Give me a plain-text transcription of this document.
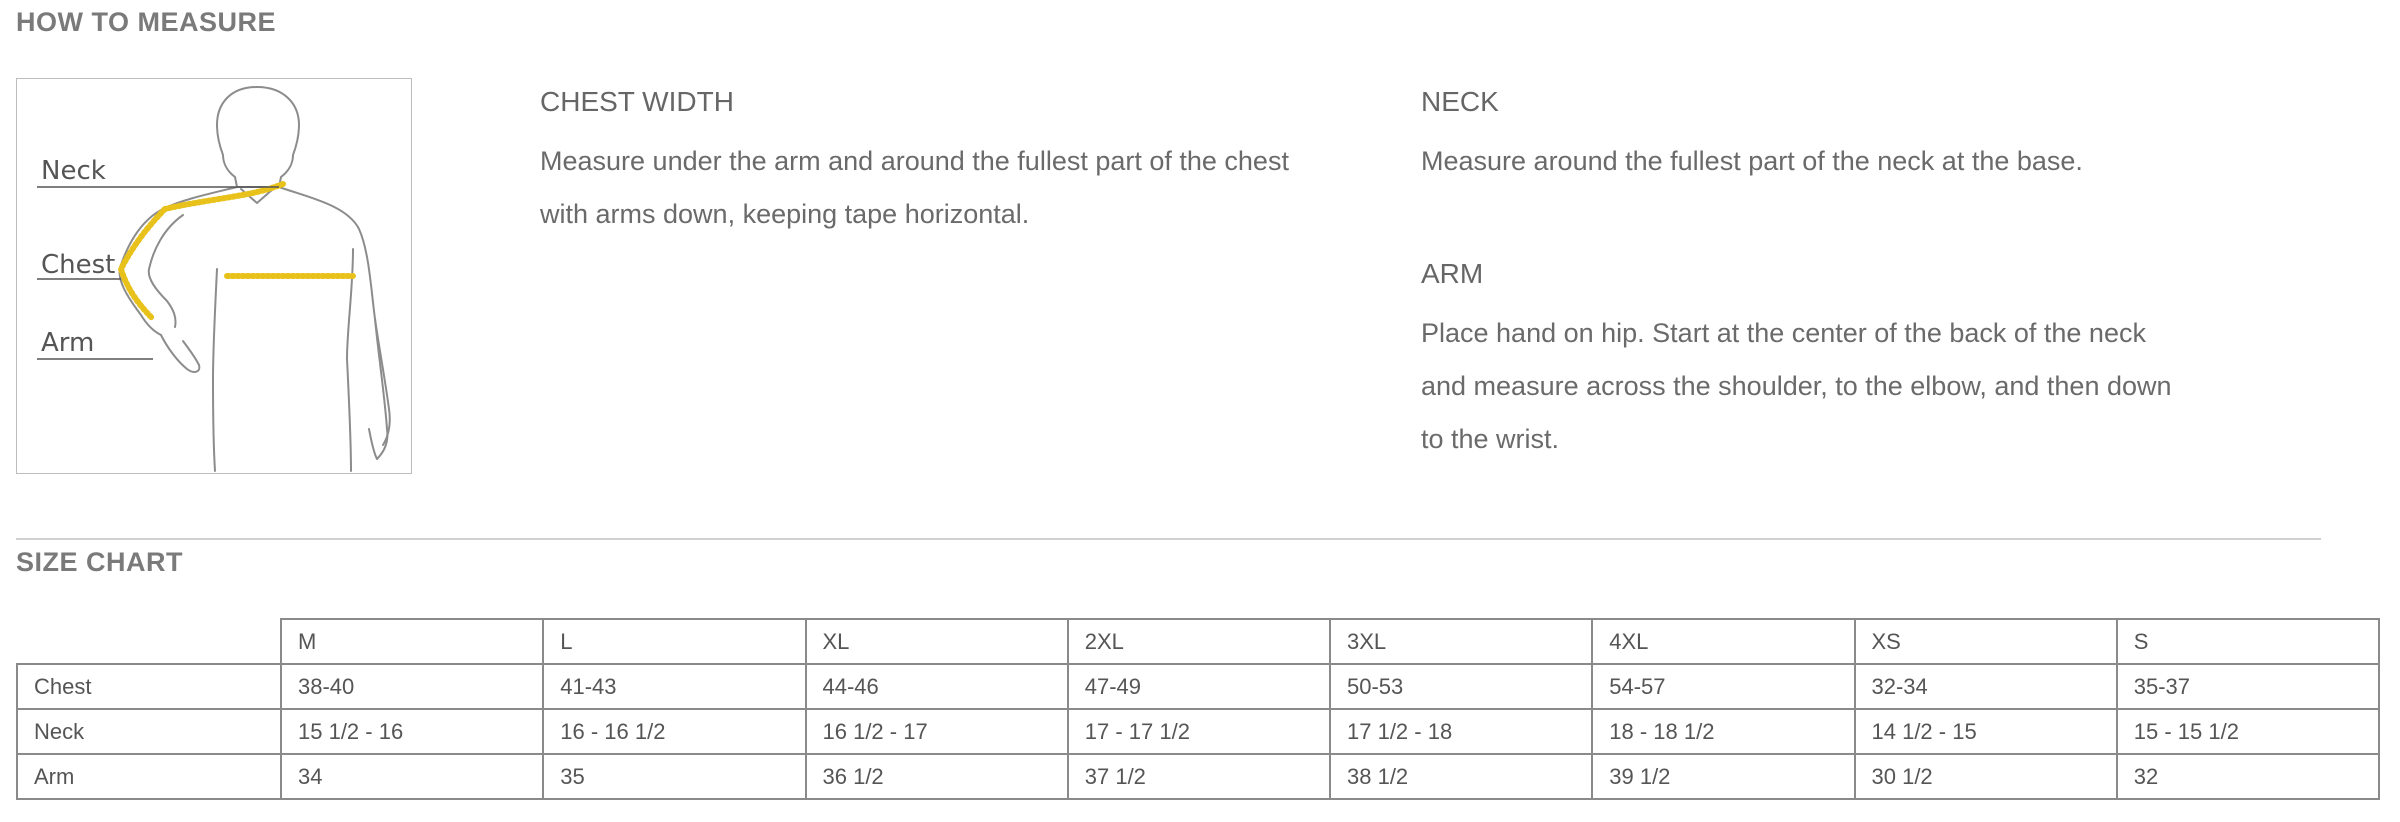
HOW TO MEASURE
Neck
Chest
Arm
CHEST WIDTH

Measure under the arm and around the fullest part of the chest
with arms down, keeping tape horizontal.

NECK

Measure around the fullest part of the neck at the base.

ARM

Place hand on hip. Start at the center of the back of the neck
and measure across the shoulder, to the elbow, and then down
to the wrist.

SIZE CHART
	M	L	XL	2XL	3XL	4XL	XS	S
Chest	38-40	41-43	44-46	47-49	50-53	54-57	32-34	35-37
Neck	15 1/2 - 16	16 - 16 1/2	16 1/2 - 17	17 - 17 1/2	17 1/2 - 18	18 - 18 1/2	14 1/2 - 15	15 - 15 1/2
Arm	34	35	36 1/2	37 1/2	38 1/2	39 1/2	30 1/2	32
